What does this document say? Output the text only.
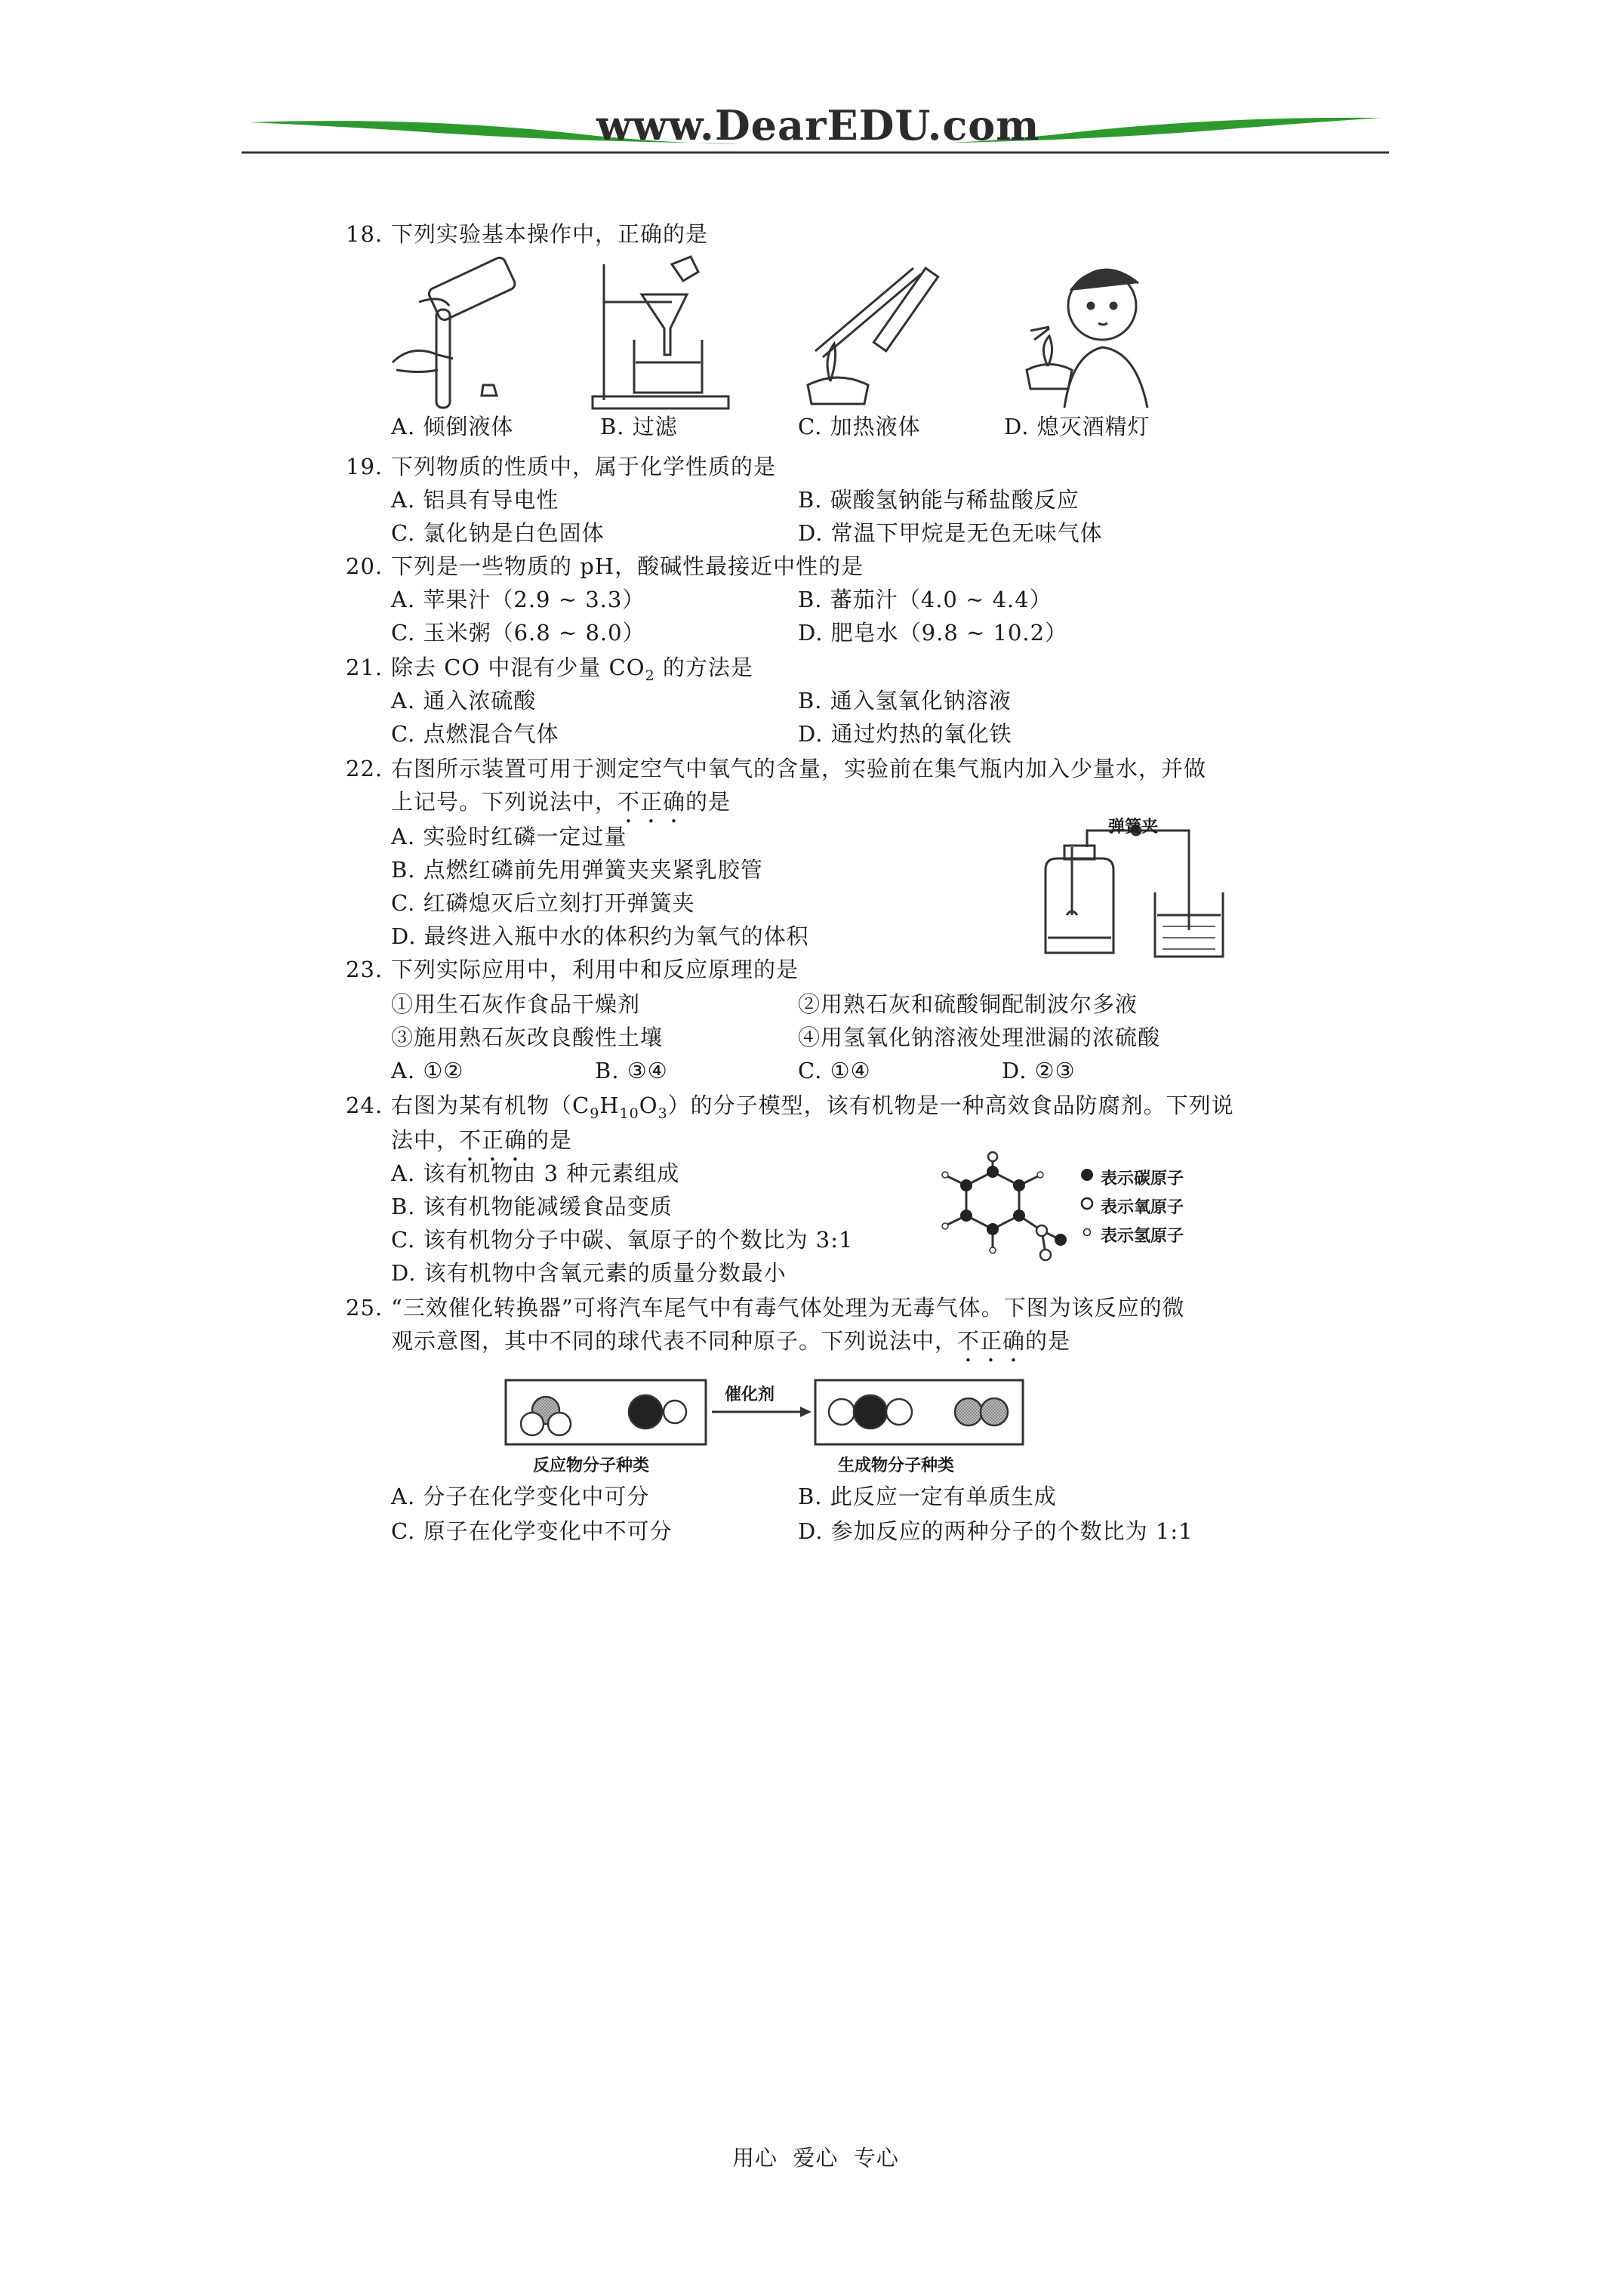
www.DearEDU.com
18. 下列实验基本操作中，正确的是
A. 倾倒液体	B. 过滤	C. 加热液体	D. 熄灭酒精灯
19. 下列物质的性质中，属于化学性质的是
A. 铝具有导电性	B. 碳酸氢钠能与稀盐酸反应
C. 氯化钠是白色固体	D. 常温下甲烷是无色无味气体
20. 下列是一些物质的 pH，酸碱性最接近中性的是
A. 苹果汁（2.9 ~ 3.3）	B. 蕃茄汁（4.0 ~ 4.4）
C. 玉米粥（6.8 ~ 8.0）	D. 肥皂水（9.8 ~ 10.2）
21. 除去 CO 中混有少量 $CO_2$ 的方法是
A. 通入浓硫酸	B. 通入氢氧化钠溶液
C. 点燃混合气体	D. 通过灼热的氧化铁
22. 右图所示装置可用于测定空气中氧气的含量，实验前在集气瓶内加入少量水，并做
上记号。下列说法中，不正确的是
A. 实验时红磷一定过量
B. 点燃红磷前先用弹簧夹夹紧乳胶管
C. 红磷熄灭后立刻打开弹簧夹
D. 最终进入瓶中水的体积约为氧气的体积
弹簧夹
23. 下列实际应用中，利用中和反应原理的是
①用生石灰作食品干燥剂	②用熟石灰和硫酸铜配制波尔多液
③施用熟石灰改良酸性土壤	④用氢氧化钠溶液处理泄漏的浓硫酸
A. ①②	B. ③④	C. ①④	D. ②③
24. 右图为某有机物$(C_9H_{10}O_3)$的分子模型，该有机物是一种高效食品防腐剂。下列说
法中，不正确的是
A. 该有机物由 3 种元素组成
B. 该有机物能减缓食品变质
C. 该有机物分子中碳、氧原子的个数比为 3:1
D. 该有机物中含氧元素的质量分数最小
表示碳原子
表示氧原子
表示氢原子
25. “三效催化转换器”可将汽车尾气中有毒气体处理为无毒气体。下图为该反应的微
观示意图，其中不同的球代表不同种原子。下列说法中，不正确的是
催化剂
反应物分子种类	生成物分子种类
A. 分子在化学变化中可分	B. 此反应一定有单质生成
C. 原子在化学变化中不可分	D. 参加反应的两种分子的个数比为 1:1
用心  爱心  专心
